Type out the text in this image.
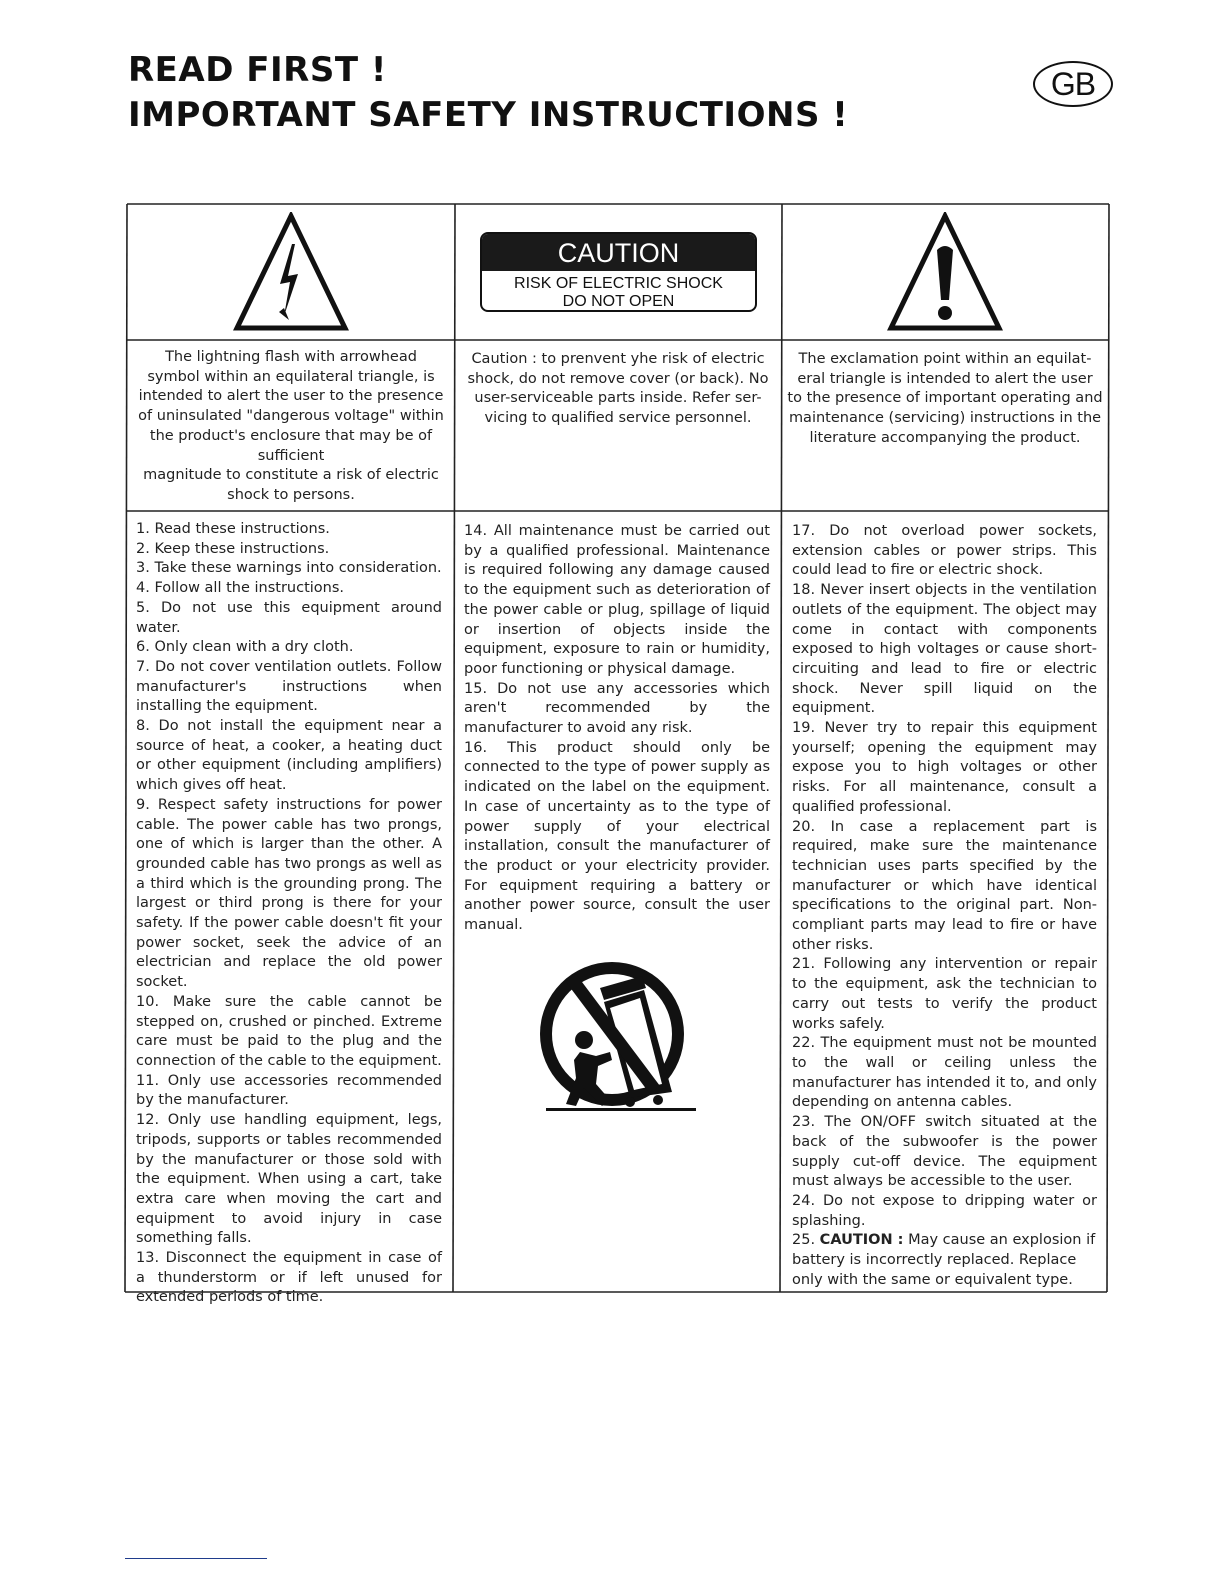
READ FIRST !
IMPORTANT SAFETY INSTRUCTIONS !
GB
CAUTION
RISK OF ELECTRIC SHOCK
DO NOT OPEN
The lightning flash with arrowhead
symbol within an equilateral triangle, is
intended to alert the user to the presence
of uninsulated "dangerous voltage" within
the product's enclosure that may be of
sufficient
magnitude to constitute a risk of electric
shock to persons.
Caution : to prenvent yhe risk of electric
shock, do not remove cover (or back). No
user-serviceable parts inside. Refer ser-
vicing to qualified service personnel.
The exclamation point within an equilat-
eral triangle is intended to alert the user
to the presence of important operating and
maintenance (servicing) instructions in the
literature accompanying the product.

1. Read these instructions.

2. Keep these instructions.

3. Take these warnings into consideration.

4. Follow all the instructions.

5. Do not use this equipment around water.

6. Only clean with a dry cloth.

7. Do not cover ventilation outlets. Follow manufacturer's instructions when installing the equipment.

8. Do not install the equipment near a source of heat, a cooker, a heating duct or other equipment (including amplifiers) which gives off heat.

9. Respect safety instructions for power cable. The power cable has two prongs, one of which is larger than the other. A grounded cable has two prongs as well as a third which is the grounding prong. The largest or third prong is there for your safety. If the power cable doesn't fit your power socket, seek the advice of an electrician and replace the old power socket.

10. Make sure the cable cannot be stepped on, crushed or pinched. Extreme care must be paid to the plug and the connection of the cable to the equipment.

11. Only use accessories recommended by the manufacturer.

12. Only use handling equipment, legs, tripods, supports or tables recommended by the manufacturer or those sold with the equipment. When using a cart, take extra care when moving the cart and equipment to avoid injury in case something falls.

13. Disconnect the equipment in case of a thunderstorm or if left unused for extended periods of time.

14. All maintenance must be carried out by a qualified professional. Maintenance is required following any damage caused to the equipment such as deterioration of the power cable or plug, spillage of liquid or insertion of objects inside the equipment, exposure to rain or humidity, poor functioning or physical damage.

15. Do not use any accessories which aren't recommended by the manufacturer to avoid any risk.

16. This product should only be connected to the type of power supply as indicated on the label on the equipment. In case of uncertainty as to the type of power supply of your electrical installation, consult the manufacturer of the product or your electricity provider. For equipment requiring a battery or another power source, consult the user manual.

17. Do not overload power sockets, extension cables or power strips. This could lead to fire or electric shock.

18. Never insert objects in the ventilation outlets of the equipment. The object may come in contact with components exposed to high voltages or cause short-circuiting and lead to fire or electric shock. Never spill liquid on the equipment.

19. Never try to repair this equipment yourself; opening the equipment may expose you to high voltages or other risks. For all maintenance, consult a qualified professional.

20. In case a replacement part is required, make sure the maintenance technician uses parts specified by the manufacturer or which have identical specifications to the original part. Non-compliant parts may lead to fire or have other risks.

21. Following any intervention or repair to the equipment, ask the technician to carry out tests to verify the product works safely.

22. The equipment must not be mounted to the wall or ceiling unless the manufacturer has intended it to, and only depending on antenna cables.

23. The ON/OFF switch situated at the back of the subwoofer is the power supply cut-off device. The equipment must always be accessible to the user.

24. Do not expose to dripping water or splashing.

25. CAUTION : May cause an explosion if battery is incorrectly replaced. Replace only with the same or equivalent type.
